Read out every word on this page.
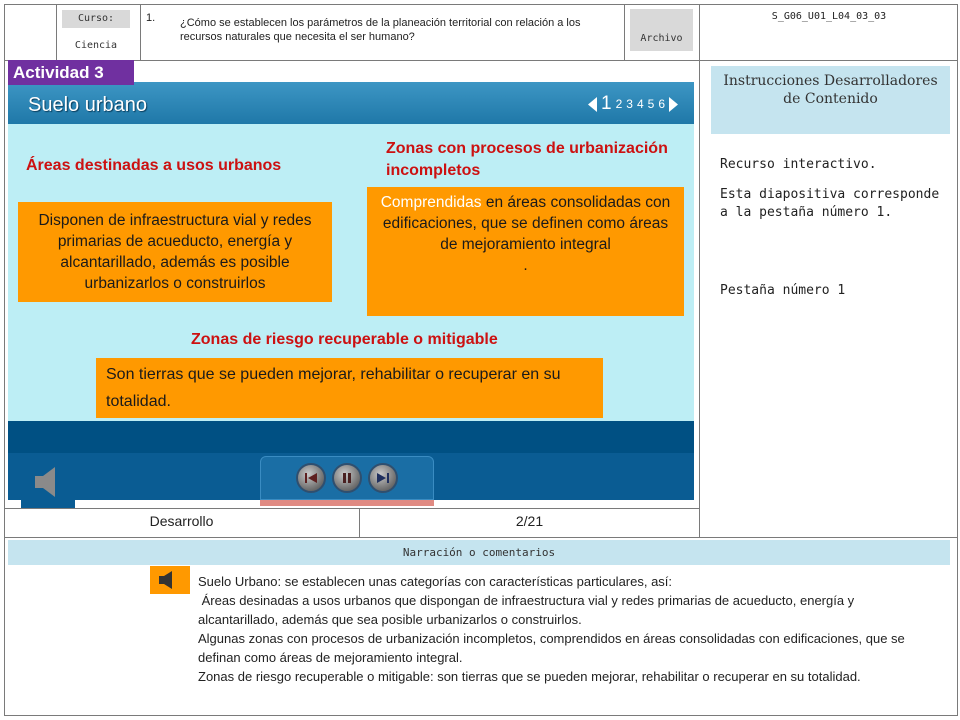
Curso:
Ciencia
1. ¿Cómo se establecen los parámetros de la planeación territorial con relación a los recursos naturales que necesita el ser humano?	Archivo
S_G06_U01_L04_03_03
Suelo urbano	1 2 3 4 5 6
Actividad 3
Áreas destinadas a usos urbanos
Zonas con procesos de urbanización incompletos
Zonas de riesgo recuperable o mitigable
Disponen de infraestructura vial y redes primarias de acueducto, energía y alcantarillado, además es posible urbanizarlos o construirlos
Comprendidas en áreas consolidadas con edificaciones, que se definen como áreas de mejoramiento integral
.
Son tierras que se pueden mejorar, rehabilitar o recuperar en su totalidad.
Desarrollo	2/21
Instrucciones Desarrolladores de Contenido
Recurso interactivo.
Esta diapositiva corresponde a la pestaña número 1.
Pestaña número 1
Narración o comentarios
Suelo Urbano: se establecen unas categorías con características particulares, así:
Áreas desinadas a usos urbanos que dispongan de infraestructura vial y redes primarias de acueducto, energía y alcantarillado, además que sea posible urbanizarlos o construirlos.
Algunas zonas con procesos de urbanización incompletos, comprendidos en áreas consolidadas con edificaciones, que se definan como áreas de mejoramiento integral.
Zonas de riesgo recuperable o mitigable: son tierras que se pueden mejorar, rehabilitar o recuperar en su totalidad.
